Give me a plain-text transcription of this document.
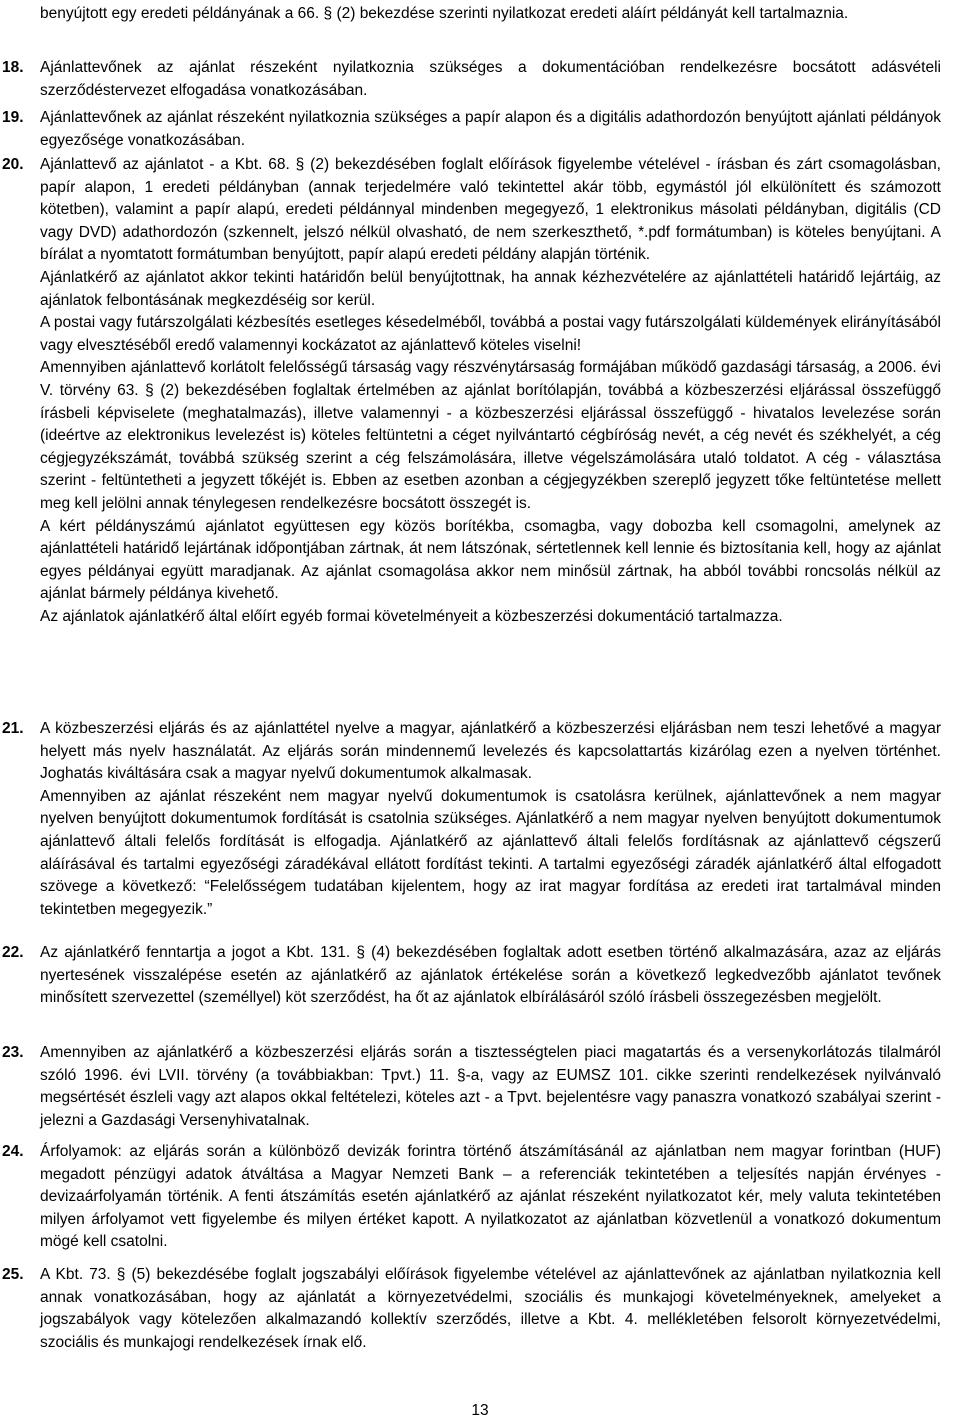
benyújtott egy eredeti példányának a 66. § (2) bekezdése szerinti nyilatkozat eredeti aláírt példányát kell tartalmaznia.

18. Ajánlattevőnek az ajánlat részeként nyilatkoznia szükséges a dokumentációban rendelkezésre bocsátott adásvételi szerződéstervezet elfogadása vonatkozásában.

19. Ajánlattevőnek az ajánlat részeként nyilatkoznia szükséges a papír alapon és a digitális adathordozón benyújtott ajánlati példányok egyezősége vonatkozásában.

20. Ajánlattevő az ajánlatot - a Kbt. 68. § (2) bekezdésében foglalt előírások figyelembe vételével - írásban és zárt csomagolásban, papír alapon, 1 eredeti példányban (annak terjedelmére való tekintettel akár több, egymástól jól elkülönített és számozott kötetben), valamint a papír alapú, eredeti példánnyal mindenben megegyező, 1 elektronikus másolati példányban, digitális (CD vagy DVD) adathordozón (szkennelt, jelszó nélkül olvasható, de nem szerkeszthető, *.pdf formátumban) is köteles benyújtani. A bírálat a nyomtatott formátumban benyújtott, papír alapú eredeti példány alapján történik.

Ajánlatkérő az ajánlatot akkor tekinti határidőn belül benyújtottnak, ha annak kézhezvételére az ajánlattételi határidő lejártáig, az ajánlatok felbontásának megkezdéséig sor kerül.

A postai vagy futárszolgálati kézbesítés esetleges késedelméből, továbbá a postai vagy futárszolgálati küldemények elirányításából vagy elvesztéséből eredő valamennyi kockázatot az ajánlattevő köteles viselni!

Amennyiben ajánlattevő korlátolt felelősségű társaság vagy részvénytársaság formájában működő gazdasági társaság, a 2006. évi V. törvény 63. § (2) bekezdésében foglaltak értelmében az ajánlat borítólapján, továbbá a közbeszerzési eljárással összefüggő írásbeli képviselete (meghatalmazás), illetve valamennyi - a közbeszerzési eljárással összefüggő - hivatalos levelezése során (ideértve az elektronikus levelezést is) köteles feltüntetni a céget nyilvántartó cégbíróság nevét, a cég nevét és székhelyét, a cég cégjegyzékszámát, továbbá szükség szerint a cég felszámolására, illetve végelszámolására utaló toldatot. A cég - választása szerint - feltüntetheti a jegyzett tőkéjét is. Ebben az esetben azonban a cégjegyzékben szereplő jegyzett tőke feltüntetése mellett meg kell jelölni annak ténylegesen rendelkezésre bocsátott összegét is.

A kért példányszámú ajánlatot együttesen egy közös borítékba, csomagba, vagy dobozba kell csomagolni, amelynek az ajánlattételi határidő lejártának időpontjában zártnak, át nem látszónak, sértetlennek kell lennie és biztosítania kell, hogy az ajánlat egyes példányai együtt maradjanak. Az ajánlat csomagolása akkor nem minősül zártnak, ha abból további roncsolás nélkül az ajánlat bármely példánya kivehető.

Az ajánlatok ajánlatkérő által előírt egyéb formai követelményeit a közbeszerzési dokumentáció tartalmazza.

21. A közbeszerzési eljárás és az ajánlattétel nyelve a magyar, ajánlatkérő a közbeszerzési eljárásban nem teszi lehetővé a magyar helyett más nyelv használatát. Az eljárás során mindennemű levelezés és kapcsolattartás kizárólag ezen a nyelven történhet. Joghatás kiváltására csak a magyar nyelvű dokumentumok alkalmasak.

Amennyiben az ajánlat részeként nem magyar nyelvű dokumentumok is csatolásra kerülnek, ajánlattevőnek a nem magyar nyelven benyújtott dokumentumok fordítását is csatolnia szükséges. Ajánlatkérő a nem magyar nyelven benyújtott dokumentumok ajánlattevő általi felelős fordítását is elfogadja. Ajánlatkérő az ajánlattevő általi felelős fordításnak az ajánlattevő cégszerű aláírásával és tartalmi egyezőségi záradékával ellátott fordítást tekinti. A tartalmi egyezőségi záradék ajánlatkérő által elfogadott szövege a következő: “Felelősségem tudatában kijelentem, hogy az irat magyar fordítása az eredeti irat tartalmával minden tekintetben megegyezik.”

22. Az ajánlatkérő fenntartja a jogot a Kbt. 131. § (4) bekezdésében foglaltak adott esetben történő alkalmazására, azaz az eljárás nyertesének visszalépése esetén az ajánlatkérő az ajánlatok értékelése során a következő legkedvezőbb ajánlatot tevőnek minősített szervezettel (személlyel) köt szerződést, ha őt az ajánlatok elbírálásáról szóló írásbeli összegezésben megjelölt.

23. Amennyiben az ajánlatkérő a közbeszerzési eljárás során a tisztességtelen piaci magatartás és a versenykorlátozás tilalmáról szóló 1996. évi LVII. törvény (a továbbiakban: Tpvt.) 11. §-a, vagy az EUMSZ 101. cikke szerinti rendelkezések nyilvánvaló megsértését észleli vagy azt alapos okkal feltételezi, köteles azt - a Tpvt. bejelentésre vagy panaszra vonatkozó szabályai szerint - jelezni a Gazdasági Versenyhivatalnak.

24. Árfolyamok: az eljárás során a különböző devizák forintra történő átszámításánál az ajánlatban nem magyar forintban (HUF) megadott pénzügyi adatok átváltása a Magyar Nemzeti Bank – a referenciák tekintetében a teljesítés napján érvényes - devizaárfolyamán történik. A fenti átszámítás esetén ajánlatkérő az ajánlat részeként nyilatkozatot kér, mely valuta tekintetében milyen árfolyamot vett figyelembe és milyen értéket kapott. A nyilatkozatot az ajánlatban közvetlenül a vonatkozó dokumentum mögé kell csatolni.

25. A Kbt. 73. § (5) bekezdésébe foglalt jogszabályi előírások figyelembe vételével az ajánlattevőnek az ajánlatban nyilatkoznia kell annak vonatkozásában, hogy az ajánlatát a környezetvédelmi, szociális és munkajogi követelményeknek, amelyeket a jogszabályok vagy kötelezően alkalmazandó kollektív szerződés, illetve a Kbt. 4. mellékletében felsorolt környezetvédelmi, szociális és munkajogi rendelkezések írnak elő.

13
